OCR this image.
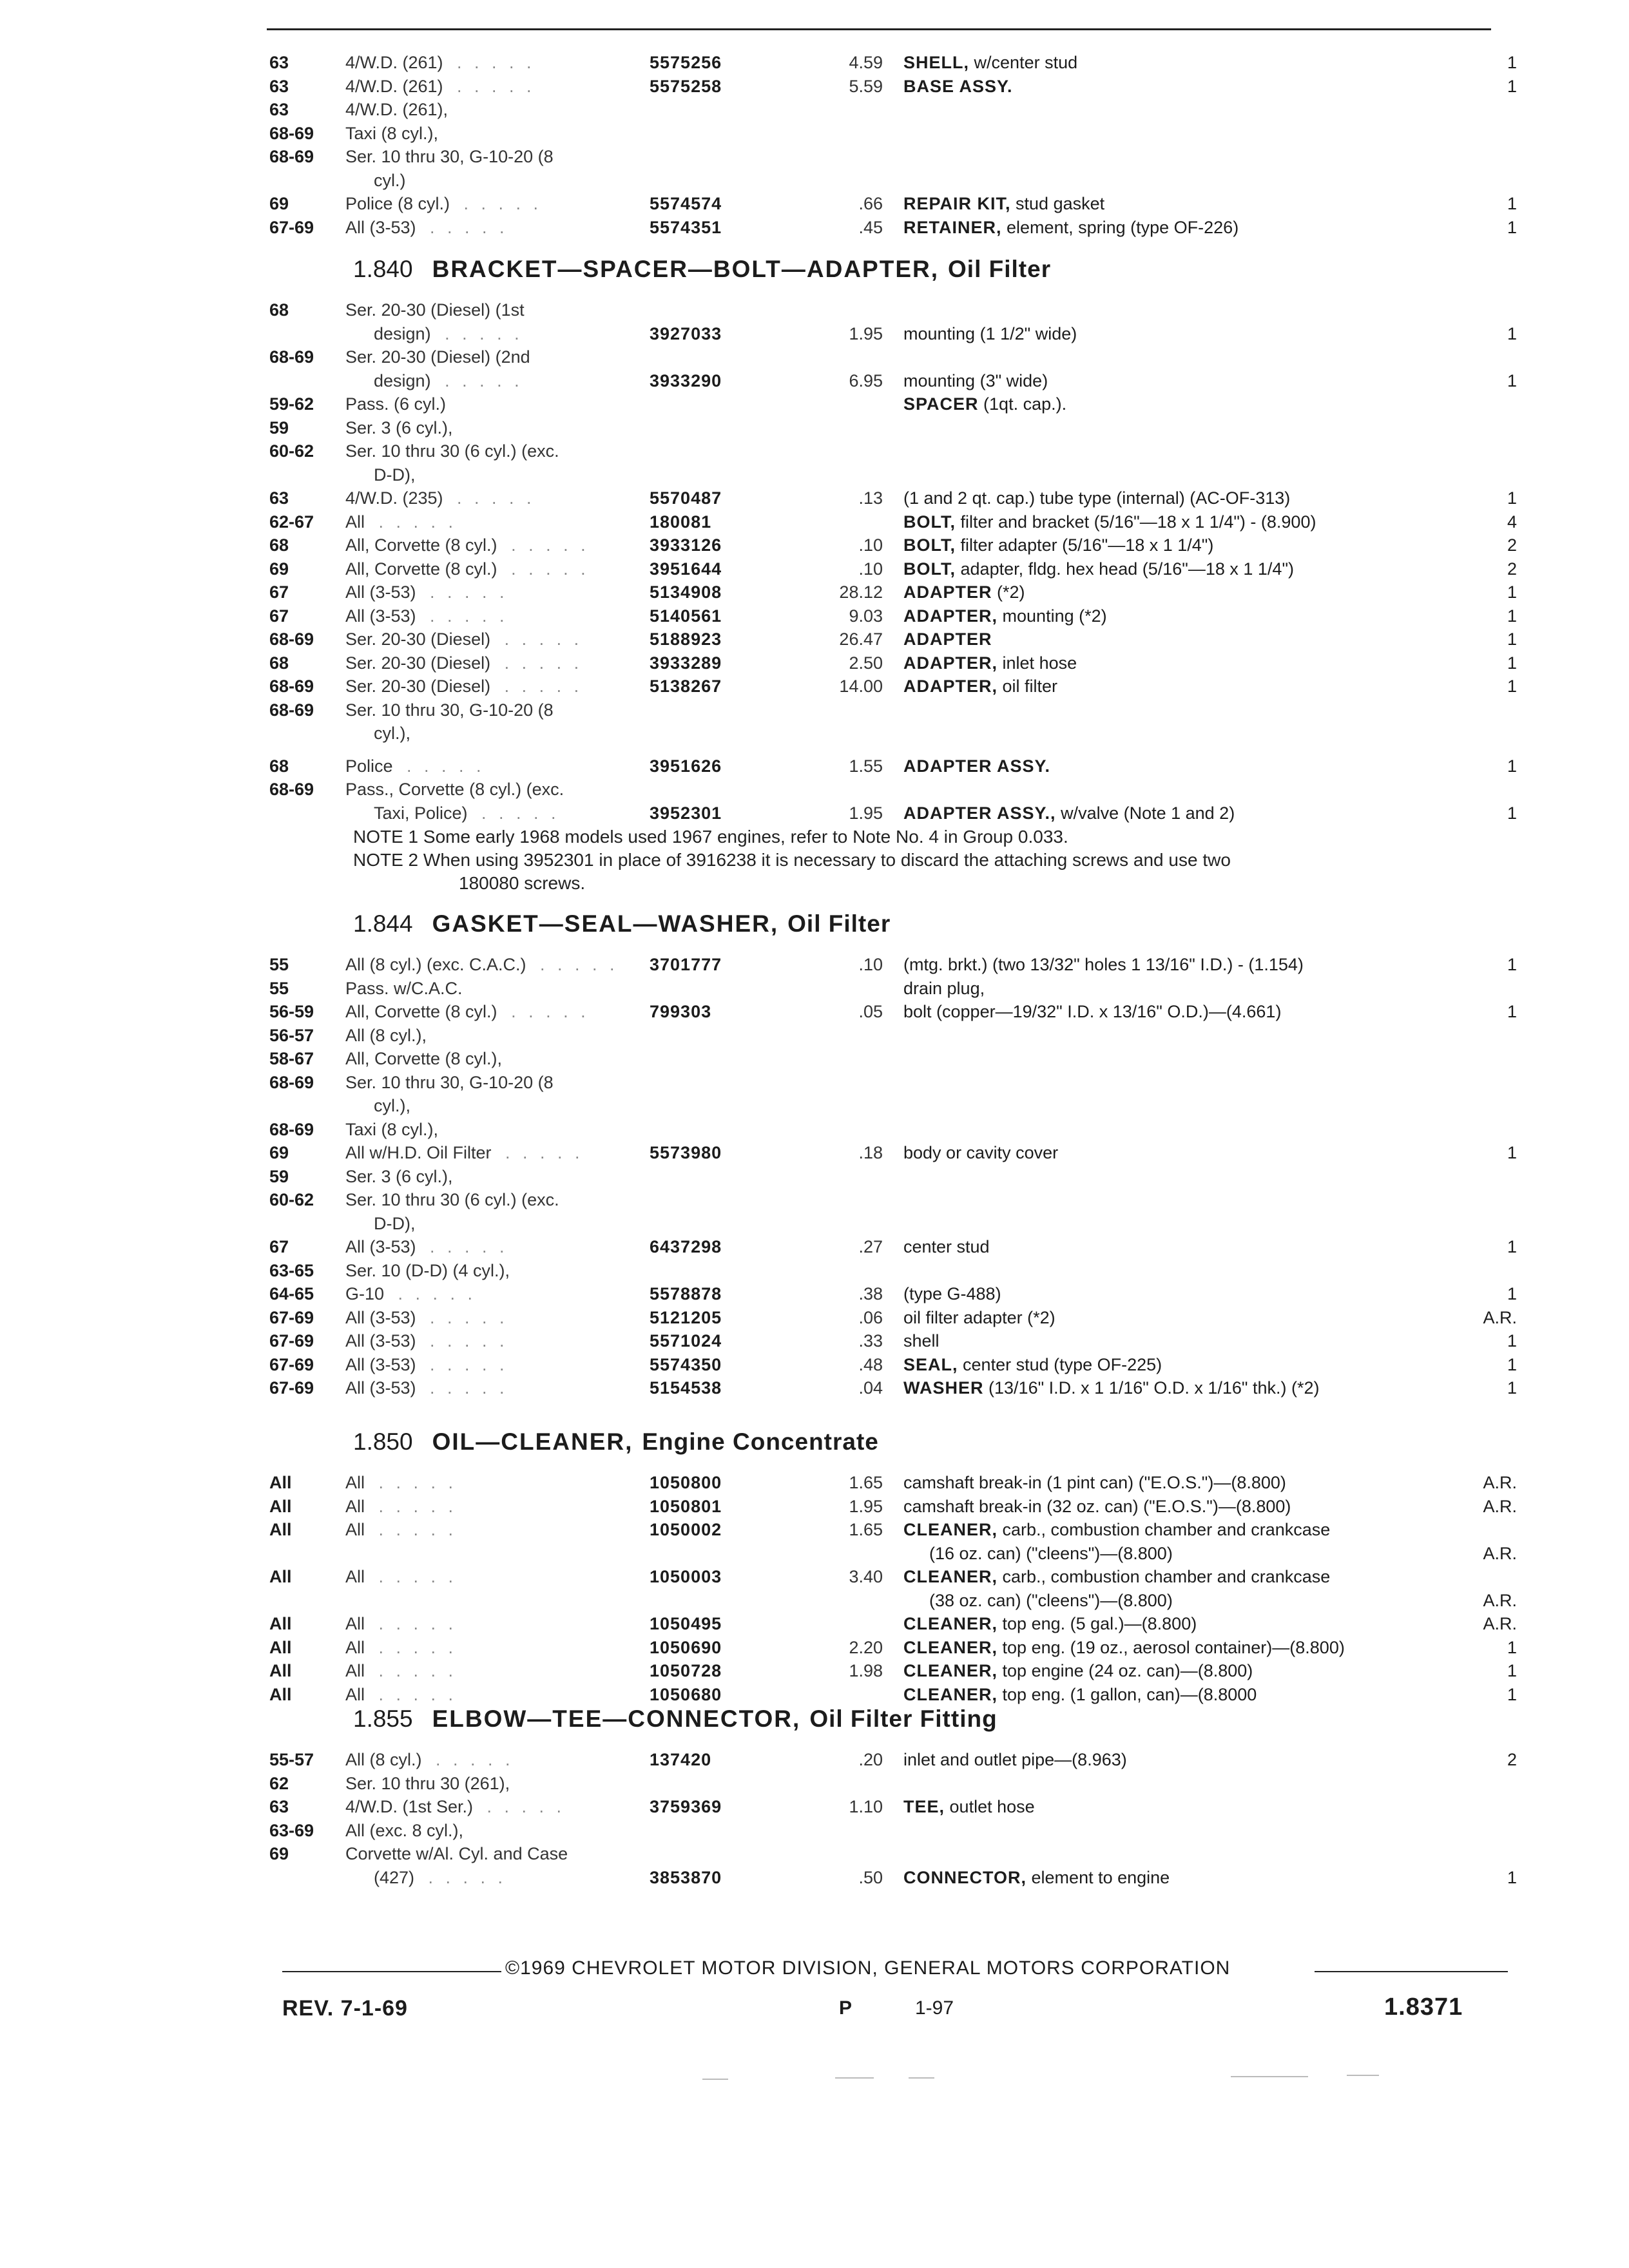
63	4/W.D. (261) . . . . .	5575256	4.59 SHELL, w/center stud	1
63	4/W.D. (261) . . . . .	5575258	5.59 BASE ASSY.	1
63	4/W.D. (261),
68-69 Taxi (8 cyl.),
68-69 Ser. 10 thru 30, G-10-20 (8
cyl.)
69	Police (8 cyl.) . . . . .	5574574	.66 REPAIR KIT, stud gasket	1
67-69 All (3-53) . . . . .	5574351	.45 RETAINER, element, spring (type OF-226)	1
1.840 BRACKET—SPACER—BOLT—ADAPTER, Oil Filter
68	Ser. 20-30 (Diesel) (1st
design) . . . . .	3927033	1.95 mounting (1 1/2" wide)	1
68-69 Ser. 20-30 (Diesel) (2nd
design) . . . . .	3933290	6.95 mounting (3" wide)	1
59-62 Pass. (6 cyl.)	SPACER (1qt. cap.).
59	Ser. 3 (6 cyl.),
60-62 Ser. 10 thru 30 (6 cyl.) (exc.
D-D),
63	4/W.D. (235) . . . . .	5570487	.13 (1 and 2 qt. cap.) tube type (internal) (AC-OF-313)	1
62-67 All . . . . .	180081	BOLT, filter and bracket (5/16"—18 x 1 1/4") - (8.900)	4
68	All, Corvette (8 cyl.) . . . . .	3933126	.10 BOLT, filter adapter (5/16"—18 x 1 1/4")	2
69	All, Corvette (8 cyl.) . . . . .	3951644	.10 BOLT, adapter, fldg. hex head (5/16"—18 x 1 1/4")	2
67	All (3-53) . . . . .	5134908	28.12 ADAPTER (*2)	1
67	All (3-53) . . . . .	5140561	9.03 ADAPTER, mounting (*2)	1
68-69 Ser. 20-30 (Diesel) . . . . .	5188923	26.47 ADAPTER	1
68	Ser. 20-30 (Diesel) . . . . .	3933289	2.50 ADAPTER, inlet hose	1
68-69 Ser. 20-30 (Diesel) . . . . .	5138267	14.00 ADAPTER, oil filter	1
68-69 Ser. 10 thru 30, G-10-20 (8
cyl.),
68	Police . . . . .	3951626	1.55 ADAPTER ASSY.	1
68-69 Pass., Corvette (8 cyl.) (exc.
Taxi, Police) . . . . .	3952301	1.95 ADAPTER ASSY., w/valve (Note 1 and 2)	1
NOTE 1 Some early 1968 models used 1967 engines, refer to Note No. 4 in Group 0.033.
NOTE 2 When using 3952301 in place of 3916238 it is necessary to discard the attaching screws and use two
180080 screws.
1.844 GASKET—SEAL—WASHER, Oil Filter
55	All (8 cyl.) (exc. C.A.C.) . . . . . 3701777	.10 (mtg. brkt.) (two 13/32" holes 1 13/16" I.D.) - (1.154)	1
55	Pass. w/C.A.C.	drain plug,
56-59 All, Corvette (8 cyl.) . . . . .	799303	.05 bolt (copper—19/32" I.D. x 13/16" O.D.)—(4.661)	1
56-57 All (8 cyl.),
58-67 All, Corvette (8 cyl.),
68-69 Ser. 10 thru 30, G-10-20 (8
cyl.),
68-69 Taxi (8 cyl.),
69	All w/H.D. Oil Filter . . . . .	5573980	.18 body or cavity cover	1
59	Ser. 3 (6 cyl.),
60-62 Ser. 10 thru 30 (6 cyl.) (exc.
D-D),
67	All (3-53) . . . . .	6437298	.27 center stud	1
63-65 Ser. 10 (D-D) (4 cyl.),
64-65 G-10 . . . . .	5578878	.38 (type G-488)	1
67-69 All (3-53) . . . . .	5121205	.06 oil filter adapter (*2)	A.R.
67-69 All (3-53) . . . . .	5571024	.33 shell	1
67-69 All (3-53) . . . . .	5574350	.48 SEAL, center stud (type OF-225)	1
67-69 All (3-53) . . . . .	5154538	.04 WASHER (13/16" I.D. x 1 1/16" O.D. x 1/16" thk.) (*2)	1
1.850 OIL—CLEANER, Engine Concentrate
All	All . . . . .	1050800	1.65 camshaft break-in (1 pint can) ("E.O.S.")—(8.800)	A.R.
All	All . . . . .	1050801	1.95 camshaft break-in (32 oz. can) ("E.O.S.")—(8.800)	A.R.
All	All . . . . .	1050002	1.65 CLEANER, carb., combustion chamber and crankcase
(16 oz. can) ("cleens")—(8.800)	A.R.
All	All . . . . .	1050003	3.40 CLEANER, carb., combustion chamber and crankcase
(38 oz. can) ("cleens")—(8.800)	A.R.
All	All . . . . .	1050495	CLEANER, top eng. (5 gal.)—(8.800)	A.R.
All	All . . . . .	1050690	2.20 CLEANER, top eng. (19 oz., aerosol container)—(8.800)	1
All	All . . . . .	1050728	1.98 CLEANER, top engine (24 oz. can)—(8.800)	1
All	All . . . . .	1050680	CLEANER, top eng. (1 gallon, can)—(8.8000	1
1.855 ELBOW—TEE—CONNECTOR, Oil Filter Fitting
55-57 All (8 cyl.) . . . . .	137420	.20 inlet and outlet pipe—(8.963)	2
62	Ser. 10 thru 30 (261),
63	4/W.D. (1st Ser.) . . . . .	3759369	1.10 TEE, outlet hose
63-69 All (exc. 8 cyl.),
69	Corvette w/Al. Cyl. and Case
(427) . . . . .	3853870	.50 CONNECTOR, element to engine	1
©1969 CHEVROLET MOTOR DIVISION, GENERAL MOTORS CORPORATION
REV. 7-1-69	P	1-97	1.8371
